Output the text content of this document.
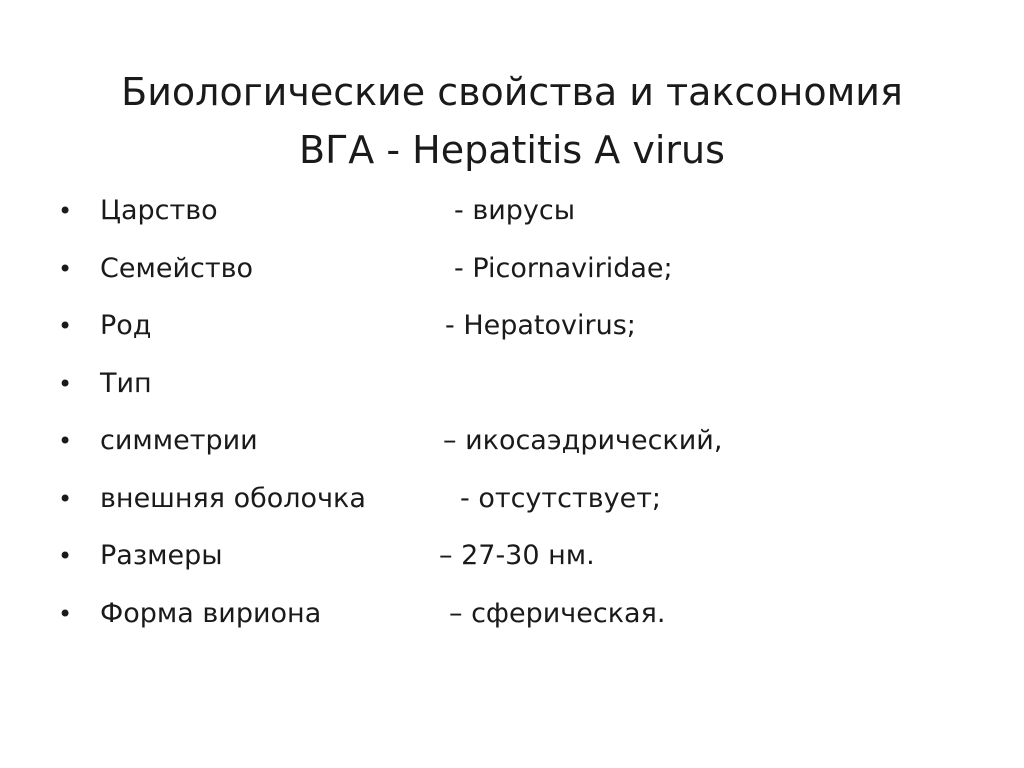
Биологические свойства и таксономия
ВГА - Hepatitis A virus
• Царство	- вирусы
• Семейство	- Picornaviridae;
• Род	- Hepatovirus;
• Тип
• симметрии	– икосаэдрический,
• внешняя оболочка	- отсутствует;
• Размеры	– 27-30 нм.
• Форма вириона	– сферическая.
